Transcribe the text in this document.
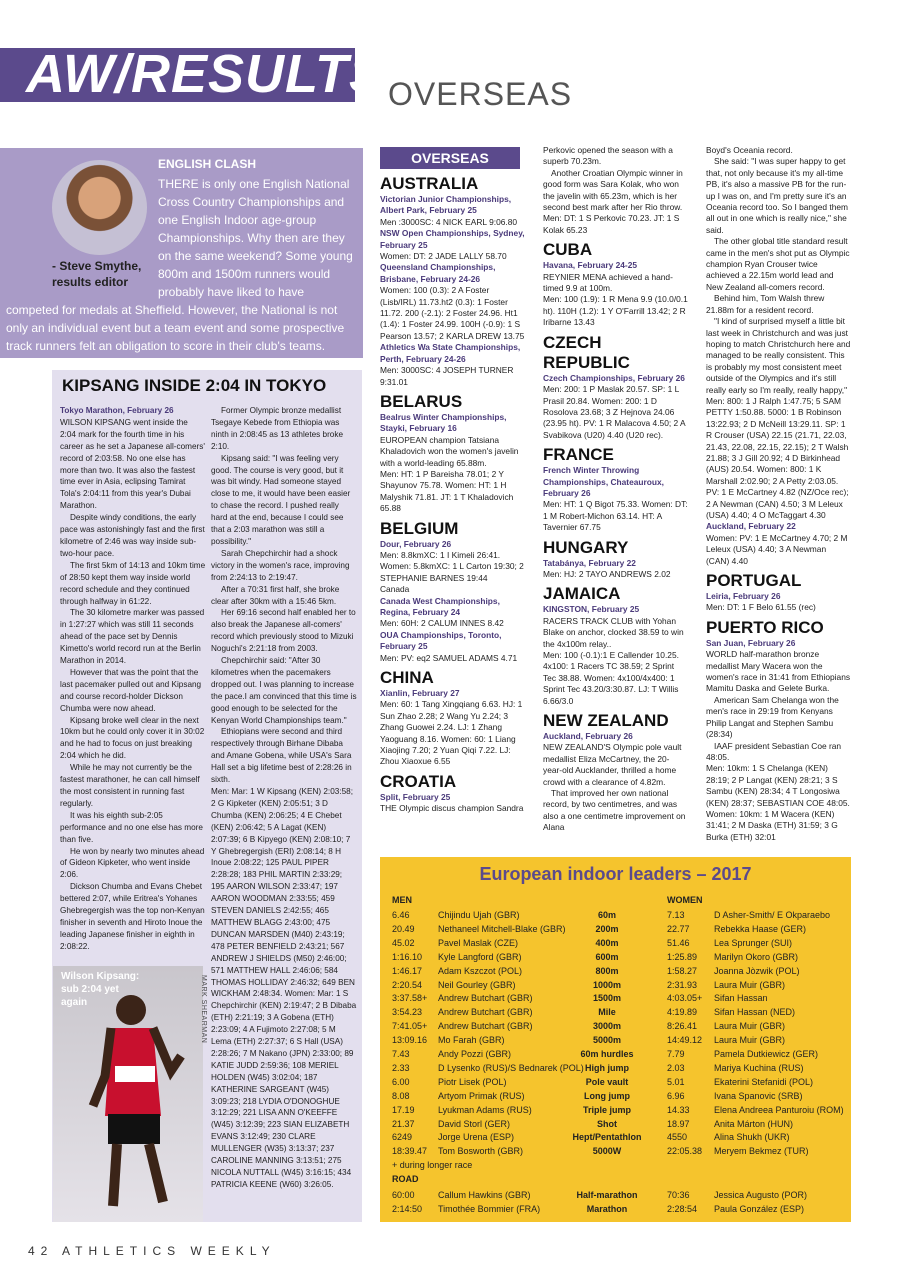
AW/RESULTS OVERSEAS
THERE is only one English National Cross Country Championships and one English Indoor age-group Championships. Why then are they on the same weekend? Some young 800m and 1500m runners would probably have liked to have competed for medals at Sheffield. However, the National is not only an individual event but a team event and some prospective track runners felt an obligation to score in their club's teams.
ENGLISH CLASH
- Steve Smythe, results editor
KIPSANG INSIDE 2:04 IN TOKYO
Tokyo Marathon, February 26

WILSON KIPSANG went inside the 2:04 mark for the fourth time in his career as he set a Japanese all-comers' record of 2:03:58. No one else has more than two. It was also the fastest time ever in Asia, eclipsing Tamirat Tola's 2:04:11 from this year's Dubai Marathon.

Despite windy conditions, the early pace was astonishingly fast and the first kilometre of 2:46 was way inside sub-two-hour pace.

The first 5km of 14:13 and 10km time of 28:50 kept them way inside world record schedule and they continued through halfway in 61:22.

The 30 kilometre marker was passed in 1:27:27 which was still 11 seconds ahead of the pace set by Dennis Kimetto's world record run at the Berlin Marathon in 2014.

However that was the point that the last pacemaker pulled out and Kipsang and course record-holder Dickson Chumba were now ahead.

Kipsang broke well clear in the next 10km but he could only cover it in 30:02 and he had to focus on just breaking 2:04 which he did.

While he may not currently be the fastest marathoner, he can call himself the most consistent in running fast regularly.

It was his eighth sub-2:05 performance and no one else has more than five.

He won by nearly two minutes ahead of Gideon Kipketer, who went inside 2:06.

Dickson Chumba and Evans Chebet bettered 2:07, while Eritrea's Yohanes Ghebregergish was the top non-Kenyan finisher in seventh and Hiroto Inoue the leading Japanese finisher in eighth in 2:08:22.

Former Olympic bronze medallist Tsegaye Kebede from Ethiopia was ninth in 2:08:45 as 13 athletes broke 2:10.

Kipsang said: "I was feeling very good. The course is very good, but it was bit windy. Had someone stayed close to me, it would have been easier to chase the record. I pushed really hard at the end, because I could see that a 2:03 marathon was still a possibility."

Sarah Chepchirchir had a shock victory in the women's race, improving from 2:24:13 to 2:19:47.

After a 70:31 first half, she broke clear after 30km with a 15:46 5km.

Her 69:16 second half enabled her to also break the Japanese all-comers' record which previously stood to Mizuki Noguchi's 2:21:18 from 2003.

Chepchirchir said: "After 30 kilometres when the pacemakers dropped out. I was planning to increase the pace.I am convinced that this time is good enough to be selected for the Kenyan World Championships team."

Ethiopians were second and third respectively through Birhane Dibaba and Amane Gobena, while USA's Sara Hall set a big lifetime best of 2:28:26 in sixth.

Men: Mar: 1 W Kipsang (KEN) 2:03:58; 2 G Kipketer (KEN) 2:05:51; 3 D Chumba (KEN) 2:06:25; 4 E Chebet (KEN) 2:06:42; 5 A Lagat (KEN) 2:07:39; 6 B Kipyego (KEN) 2:08:10; 7 Y Ghebregergish (ERI) 2:08:14; 8 H Inoue 2:08:22; 125 PAUL PIPER 2:28:28; 183 PHIL MARTIN 2:33:29; 195 AARON WILSON 2:33:47; 197 AARON WOODMAN 2:33:55; 459 STEVEN DANIELS 2:42:55; 465 MATTHEW BLAGG 2:43:00; 475 DUNCAN MARSDEN (M40) 2:43:19; 478 PETER BENFIELD 2:43:21; 567 ANDREW J SHIELDS (M50) 2:46:00; 571 MATTHEW HALL 2:46:06; 584 THOMAS HOLLIDAY 2:46:32; 649 BEN WICKHAM 2:48:34. Women: Mar: 1 S Chepchirchir (KEN) 2:19:47; 2 B Dibaba (ETH) 2:21:19; 3 A Gobena (ETH) 2:23:09; 4 A Fujimoto 2:27:08; 5 M Lema (ETH) 2:27:37; 6 S Hall (USA) 2:28:26; 7 M Nakano (JPN) 2:33:00; 89 KATIE JUDD 2:59:36; 108 MERIEL HOLDEN (W45) 3:02:04; 187 KATHERINE SARGEANT (W45) 3:09:23; 218 LYDIA O'DONOGHUE 3:12:29; 221 LISA ANN O'KEEFFE (W45) 3:12:39; 223 SIAN ELIZABETH EVANS 3:12:49; 230 CLARE MULLENGER (W35) 3:13:37; 237 CAROLINE MANNING 3:13:51; 275 NICOLA NUTTALL (W45) 3:16:15; 434 PATRICIA KEENE (W60) 3:26:05.

Wilson Kipsang: sub 2:04 yet again	MARK SHEARMAN
OVERSEAS
AUSTRALIA
Victorian Junior Championships, Albert Park, February 25

Men :3000SC: 4 NICK EARL 9:06.80

NSW Open Championships, Sydney, February 25

Women: DT: 2 JADE LALLY 58.70

Queensland Championships, Brisbane, February 24-26

Women: 100 (0.3): 2 A Foster (Lisb/IRL) 11.73.ht2 (0.3): 1 Foster 11.72. 200 (-2.1): 2 Foster 24.96. Ht1 (1.4): 1 Foster 24.99. 100H (-0.9): 1 S Pearson 13.57; 2 KARLA DREW 13.75

Athletics Wa State Championships, Perth, February 24-26

Men: 3000SC: 4 JOSEPH TURNER 9:31.01

BELARUS
Bealrus Winter Championships, Stayki, February 16

EUROPEAN champion Tatsiana Khaladovich won the women's javelin with a world-leading 65.88m.

Men: HT: 1 P Bareisha 78.01; 2 Y Shayunov 75.78. Women: HT: 1 H Malyshik 71.81. JT: 1 T Khaladovich 65.88

BELGIUM
Dour, February 26

Men: 8.8kmXC: 1 I Kimeli 26:41. Women: 5.8kmXC: 1 L Carton 19:30; 2 STEPHANIE BARNES 19:44

Canada

Canada West Championships, Regina, February 24

Men: 60H: 2 CALUM INNES 8.42

OUA Championships, Toronto, February 25

Men: PV: eq2 SAMUEL ADAMS 4.71

CHINA
Xianlin, February 27

Men: 60: 1 Tang Xingqiang 6.63. HJ: 1 Sun Zhao 2.28; 2 Wang Yu 2.24; 3 Zhang Guowei 2.24. LJ: 1 Zhang Yaoguang 8.16. Women: 60: 1 Liang Xiaojing 7.20; 2 Yuan Qiqi 7.22. LJ: Zhou Xiaoxue 6.55

CROATIA
Split, February 25

THE Olympic discus champion Sandra

Perkovic opened the season with a superb 70.23m.

Another Croatian Olympic winner in good form was Sara Kolak, who won the javelin with 65.23m, which is her second best mark after her Rio throw.

Men: DT: 1 S Perkovic 70.23. JT: 1 S Kolak 65.23

CUBA
Havana, February 24-25

REYNIER MENA achieved a hand-timed 9.9 at 100m.

Men: 100 (1.9): 1 R Mena 9.9 (10.0/0.1 ht). 110H (1.2): 1 Y O'Farrill 13.42; 2 R Iribarne 13.43

CZECH REPUBLIC
Czech Championships, February 26

Men: 200: 1 P Maslak 20.57. SP: 1 L Prasil 20.84. Women: 200: 1 D Rosolova 23.68; 3 Z Hejnova 24.06 (23.95 ht). PV: 1 R Malacova 4.50; 2 A Svabikova (U20) 4.40 (U20 rec).

FRANCE
French Winter Throwing Championships, Chateauroux, February 26

Men: HT: 1 Q Bigot 75.33. Women: DT: 1 M Robert-Michon 63.14. HT: A Tavernier 67.75

HUNGARY
Tatabánya, February 22

Men: HJ: 2 TAYO ANDREWS 2.02

JAMAICA
KINGSTON, February 25

RACERS TRACK CLUB with Yohan Blake on anchor, clocked 38.59 to win the 4x100m relay..

Men: 100 (-0.1):1 E Callender 10.25. 4x100: 1 Racers TC 38.59; 2 Sprint Tec 38.88. Women: 4x100/4x400: 1 Sprint Tec 43.20/3:30.87. LJ: T Willis 6.66/3.0

NEW ZEALAND
Auckland, February 26

NEW ZEALAND'S Olympic pole vault medallist Eliza McCartney, the 20-year-old Aucklander, thrilled a home crowd with a clearance of 4.82m.

That improved her own national record, by two centimetres, and was also a one centimetre improvement on Alana

Boyd's Oceania record.

She said: "I was super happy to get that, not only because it's my all-time PB, it's also a massive PB for the run-up I was on, and I'm pretty sure it's an Oceania record too. So I banged them all out in one which is really nice," she said.

The other global title standard result came in the men's shot put as Olympic champion Ryan Crouser twice achieved a 22.15m world lead and New Zealand all-comers record.

Behind him, Tom Walsh threw 21.88m for a resident record.

"I kind of surprised myself a little bit last week in Christchurch and was just hoping to match Christchurch here and managed to be really consistent. This is probably my most consistent meet outside of the Olympics and it's still really early so I'm really, really happy,"

Men: 800: 1 J Ralph 1:47.75; 5 SAM PETTY 1:50.88. 5000: 1 B Robinson 13:22.93; 2 D McNeill 13:29.11. SP: 1 R Crouser (USA) 22.15 (21.71, 22.03, 21.43, 22.08, 22.15, 22.15); 2 T Walsh 21.88; 3 J Gill 20.92; 4 D Birkinhead (AUS) 20.54. Women: 800: 1 K Marshall 2:02.90; 2 A Petty 2:03.05. PV: 1 E McCartney 4.82 (NZ/Oce rec); 2 A Newman (CAN) 4.50; 3 M Leleux (USA) 4.40; 4 O McTaggart 4.30

Auckland, February 22

Women: PV: 1 E McCartney 4.70; 2 M Leleux (USA) 4.40; 3 A Newman (CAN) 4.40

PORTUGAL
Leiria, February 26

Men: DT: 1 F Belo 61.55 (rec)

PUERTO RICO
San Juan, February 26

WORLD half-marathon bronze medallist Mary Wacera won the women's race in 31:41 from Ethiopians Mamitu Daska and Gelete Burka.

American Sam Chelanga won the men's race in 29:19 from Kenyans Philip Langat and Stephen Sambu (28:34)

IAAF president Sebastian Coe ran 48:05.

Men: 10km: 1 S Chelanga (KEN) 28:19; 2 P Langat (KEN) 28:21; 3 S Sambu (KEN) 28:34; 4 T Longosiwa (KEN) 28:37; SEBASTIAN COE 48:05. Women: 10km: 1 M Wacera (KEN) 31:41; 2 M Daska (ETH) 31:59; 3 G Burka (ETH) 32:01

European indoor leaders – 2017
MEN	WOMEN
6.46	Chijindu Ujah (GBR)	60m	7.13	D Asher-Smith/ E Okparaebo
20.49	Nethaneel Mitchell-Blake (GBR)	200m	22.77	Rebekka Haase (GER)
45.02	Pavel Maslak (CZE)	400m	51.46	Lea Sprunger (SUI)
1:16.10 Kyle Langford (GBR)	600m	1:25.89 Marilyn Okoro (GBR)
1:46.17 Adam Kszczot (POL)	800m	1:58.27 Joanna Jòzwik (POL)
2:20.54 Neil Gourley (GBR)	1000m	2:31.93 Laura Muir (GBR)
3:37.58+ Andrew Butchart (GBR)	1500m	4:03.05+ Sifan Hassan
3:54.23 Andrew Butchart (GBR)	Mile	4:19.89 Sifan Hassan (NED)
7:41.05+ Andrew Butchart (GBR)	3000m	8:26.41 Laura Muir (GBR)
13:09.16 Mo Farah (GBR)	5000m	14:49.12 Laura Muir (GBR)
7.43	Andy Pozzi (GBR)	60m hurdles	7.79	Pamela Dutkiewicz (GER)
2.33	D Lysenko (RUS)/S Bednarek (POL) High jump	2.03	Mariya Kuchina (RUS)
6.00	Piotr Lisek (POL)	Pole vault	5.01	Ekaterini Stefanidi (POL)
8.08	Artyom Primak (RUS)	Long jump	6.96	Ivana Spanovic (SRB)
17.19	Lyukman Adams (RUS)	Triple jump	14.33	Elena Andreea Panturoiu (ROM)
21.37	David Storl (GER)	Shot	18.97	Anita Márton (HUN)
6249	Jorge Urena (ESP)	Hept/Pentathlon	4550	Alina Shukh (UKR)
18:39.47 Tom Bosworth (GBR)	5000W	22:05.38 Meryem Bekmez (TUR)
+ during longer race
ROAD
60:00	Callum Hawkins (GBR)	Half-marathon	70:36	Jessica Augusto (POR)
2:14:50 Timothée Bommier (FRA)	Marathon	2:28:54 Paula González (ESP)
42 ATHLETICS WEEKLY
